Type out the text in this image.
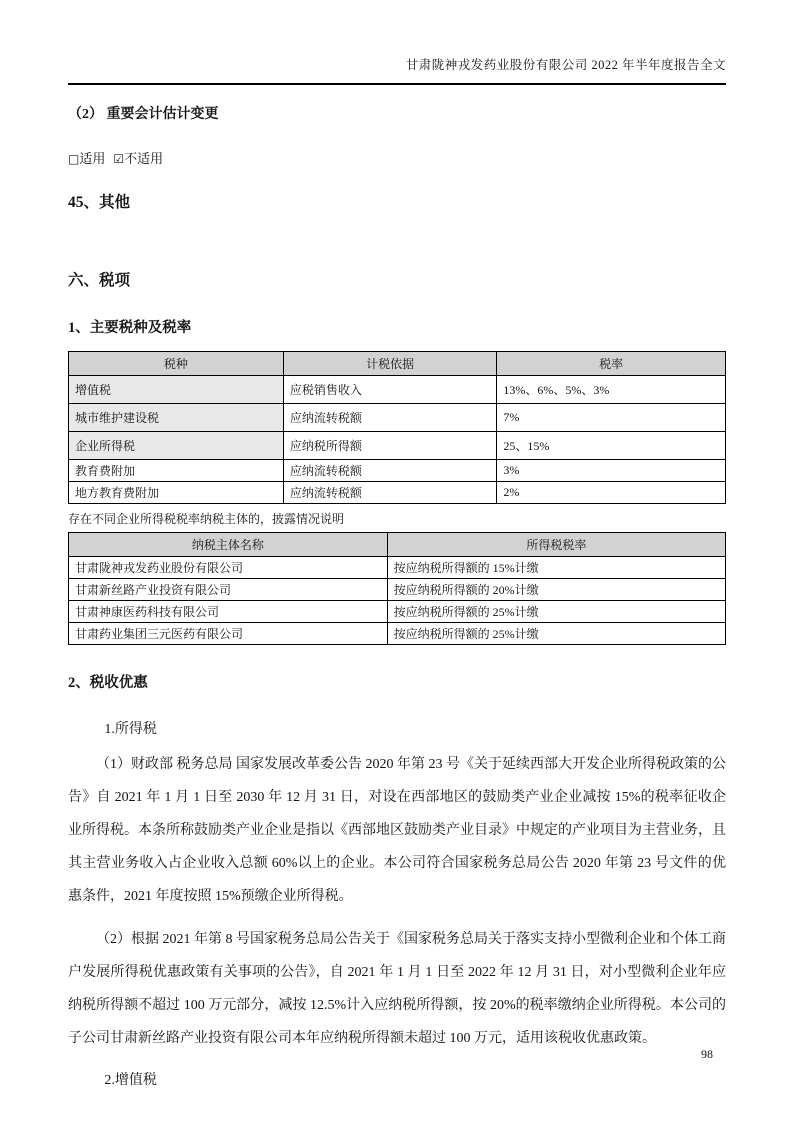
甘肃陇神戎发药业股份有限公司 2022 年半年度报告全文
（2） 重要会计估计变更
□适用 ☑不适用
45、其他
六、税项
1、主要税种及税率
税种	计税依据	税率
增值税	应税销售收入	13%、6%、5%、3%
城市维护建设税	应纳流转税额	7%
企业所得税	应纳税所得额	25、15%
教育费附加	应纳流转税额	3%
地方教育费附加	应纳流转税额	2%
存在不同企业所得税税率纳税主体的，披露情况说明
纳税主体名称	所得税税率
甘肃陇神戎发药业股份有限公司	按应纳税所得额的 15%计缴
甘肃新丝路产业投资有限公司	按应纳税所得额的 20%计缴
甘肃神康医药科技有限公司	按应纳税所得额的 25%计缴
甘肃药业集团三元医药有限公司	按应纳税所得额的 25%计缴
2、税收优惠
1.所得税

（1）财政部 税务总局 国家发展改革委公告 2020 年第 23 号《关于延续西部大开发企业所得税政策的公告》自 2021 年 1 月 1 日至 2030 年 12 月 31 日，对设在西部地区的鼓励类产业企业减按 15%的税率征收企业所得税。本条所称鼓励类产业企业是指以《西部地区鼓励类产业目录》中规定的产业项目为主营业务，且其主营业务收入占企业收入总额 60%以上的企业。本公司符合国家税务总局公告 2020 年第 23 号文件的优惠条件，2021 年度按照 15%预缴企业所得税。

（2）根据 2021 年第 8 号国家税务总局公告关于《国家税务总局关于落实支持小型微利企业和个体工商户发展所得税优惠政策有关事项的公告》，自 2021 年 1 月 1 日至 2022 年 12 月 31 日，对小型微利企业年应纳税所得额不超过 100 万元部分，减按 12.5%计入应纳税所得额，按 20%的税率缴纳企业所得税。本公司的子公司甘肃新丝路产业投资有限公司本年应纳税所得额未超过 100 万元，适用该税收优惠政策。

2.增值税
98
